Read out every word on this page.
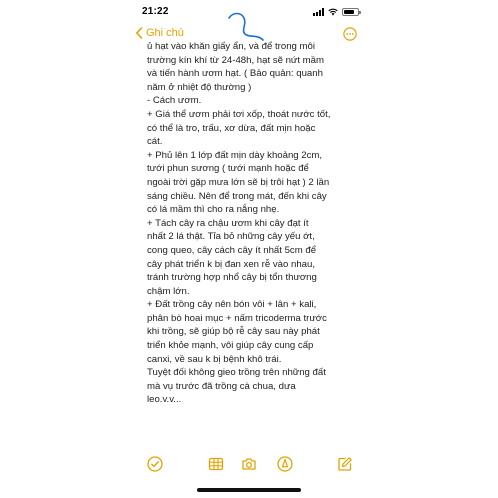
21:22
Ghi chú

ủ hạt vào khăn giấy ẩn, và để trong môi

trường kín khí từ 24-48h, hạt sẽ nứt mầm

và tiến hành ươm hạt. ( Bảo quản: quanh

năm ở nhiệt độ thường )

- Cách ươm.

+ Giá thể ươm phải tơi xốp, thoát nước tốt,

có thể là tro, trấu, xơ dừa, đất mịn hoặc

cát.

+ Phủ lên 1 lớp đất mịn dày khoảng 2cm,

tưới phun sương ( tưới mạnh hoặc để

ngoài trời gặp mưa lớn sẽ bị trôi hạt ) 2 lần

sáng chiều. Nên để trong mát, đến khi cây

có lá mầm thì cho ra nắng nhẹ.

+ Tách cây ra chậu ươm khi cây đạt ít

nhất 2 lá thật. Tỉa bỏ những cây yếu ớt,

cong queo, cây cách cây ít nhất 5cm để

cây phát triển k bị đan xen rễ vào nhau,

tránh trường hợp nhổ cây bị tổn thương

chậm lớn.

+ Đất trồng cây nên bón vôi + lân + kali,

phân bò hoai mục + nấm tricoderma trước

khi trồng, sẽ giúp bộ rễ cây sau này phát

triển khỏe mạnh, vôi giúp cây cung cấp

canxi, về sau k bị bệnh khô trái.

Tuyệt đối không gieo trồng trên những đất

mà vụ trước đã trồng cà chua, dưa

leo.v.v...
